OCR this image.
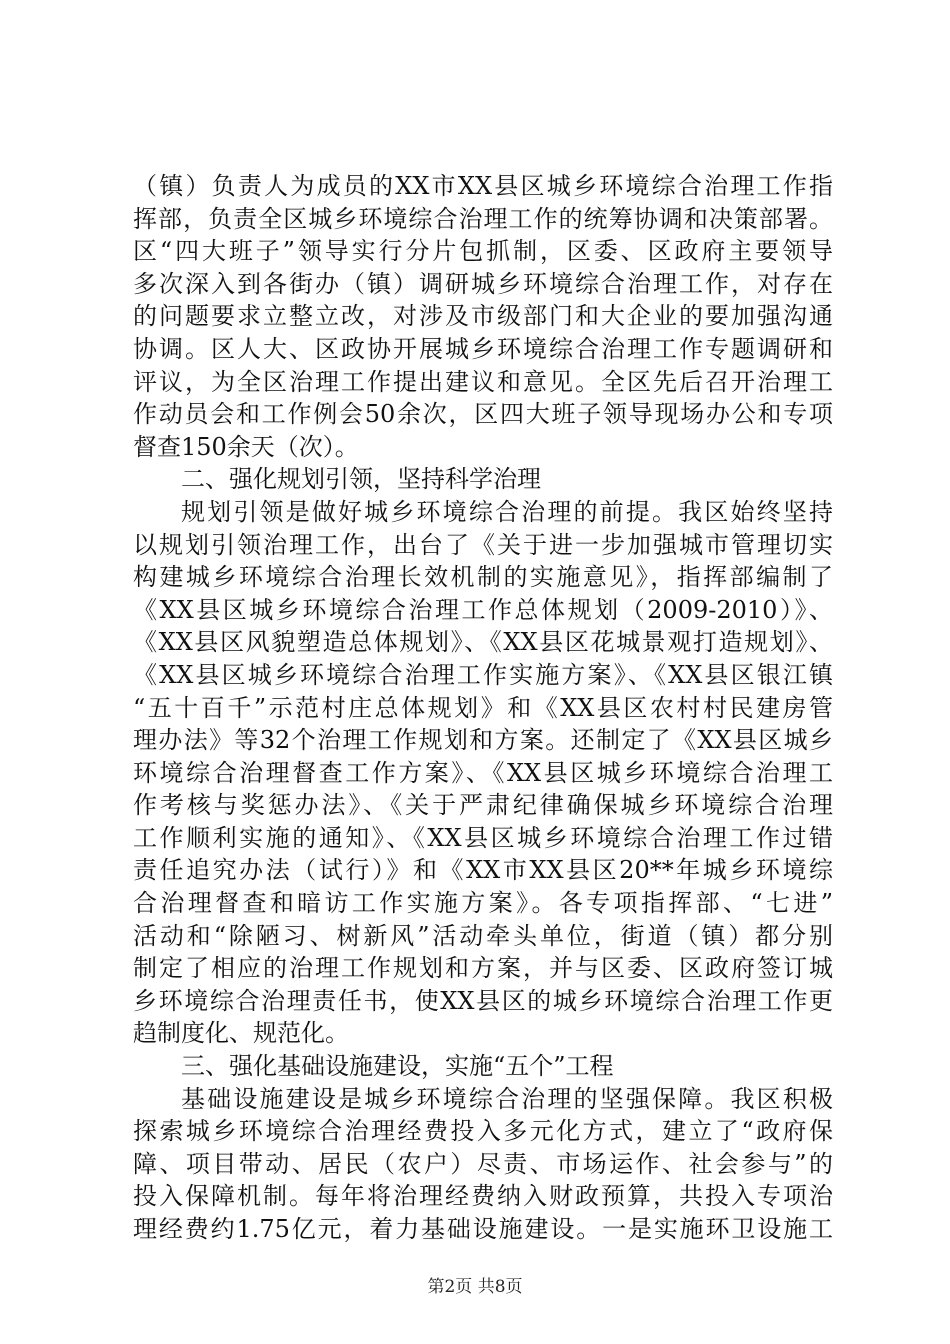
（镇）负责人为成员的XX市XX县区城乡环境综合治理工作指
挥部，负责全区城乡环境综合治理工作的统筹协调和决策部署。
区“四大班子”领导实行分片包抓制，区委、区政府主要领导
多次深入到各街办（镇）调研城乡环境综合治理工作，对存在
的问题要求立整立改，对涉及市级部门和大企业的要加强沟通
协调。区人大、区政协开展城乡环境综合治理工作专题调研和
评议，为全区治理工作提出建议和意见。全区先后召开治理工
作动员会和工作例会50余次，区四大班子领导现场办公和专项
督查150余天（次）。
二、强化规划引领，坚持科学治理
规划引领是做好城乡环境综合治理的前提。我区始终坚持
以规划引领治理工作，出台了《关于进一步加强城市管理切实
构建城乡环境综合治理长效机制的实施意见》，指挥部编制了
《XX县区城乡环境综合治理工作总体规划（2009-2010）》、
《XX县区风貌塑造总体规划》、《XX县区花城景观打造规划》、
《XX县区城乡环境综合治理工作实施方案》、《XX县区银江镇
“五十百千”示范村庄总体规划》和《XX县区农村村民建房管
理办法》等32个治理工作规划和方案。还制定了《XX县区城乡
环境综合治理督查工作方案》、《XX县区城乡环境综合治理工
作考核与奖惩办法》、《关于严肃纪律确保城乡环境综合治理
工作顺利实施的通知》、《XX县区城乡环境综合治理工作过错
责任追究办法（试行）》和《XX市XX县区20**年城乡环境综
合治理督查和暗访工作实施方案》。各专项指挥部、“七进”
活动和“除陋习、树新风”活动牵头单位，街道（镇）都分别
制定了相应的治理工作规划和方案，并与区委、区政府签订城
乡环境综合治理责任书，使XX县区的城乡环境综合治理工作更
趋制度化、规范化。
三、强化基础设施建设，实施“五个”工程
基础设施建设是城乡环境综合治理的坚强保障。我区积极
探索城乡环境综合治理经费投入多元化方式，建立了“政府保
障、项目带动、居民（农户）尽责、市场运作、社会参与”的
投入保障机制。每年将治理经费纳入财政预算，共投入专项治
理经费约1.75亿元，着力基础设施建设。一是实施环卫设施工
第2页 共8页
